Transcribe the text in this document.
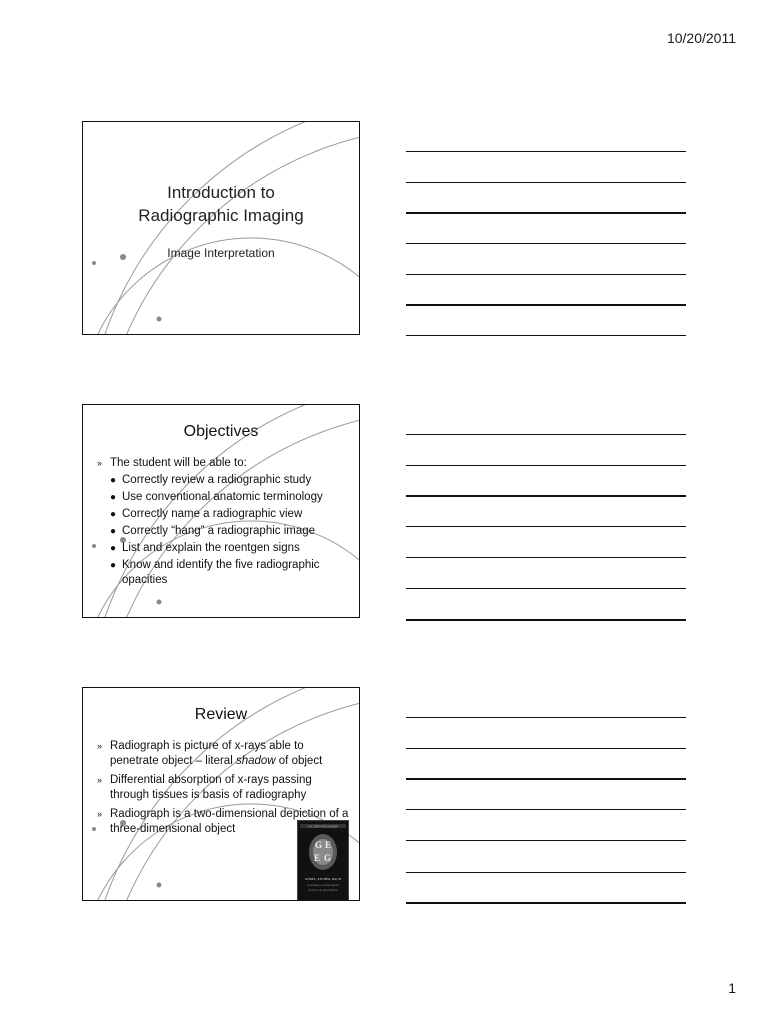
10/20/2011
Introduction to
Radiographic Imaging
Image Interpretation
Objectives
» The student will be able to:
● Correctly review a radiographic study
● Use conventional anatomic terminology
● Correctly name a radiographic view
● Correctly “hang” a radiographic image
● List and explain the roentgen signs
● Know and identify the five radiographic opacities
Review
» Radiograph is picture of x-rays able to penetrate object – literal shadow of object
» Differential absorption of x-rays passing through tissues is basis of radiography
» Radiograph is a two-dimensional depiction of a three-dimensional object	PULITZER PRIZE WINNER
G E
E G
GÖDEL, ESCHER, BACH
AN ETERNAL GOLDEN BRAID
DOUGLAS R. HOFSTADTER
1
